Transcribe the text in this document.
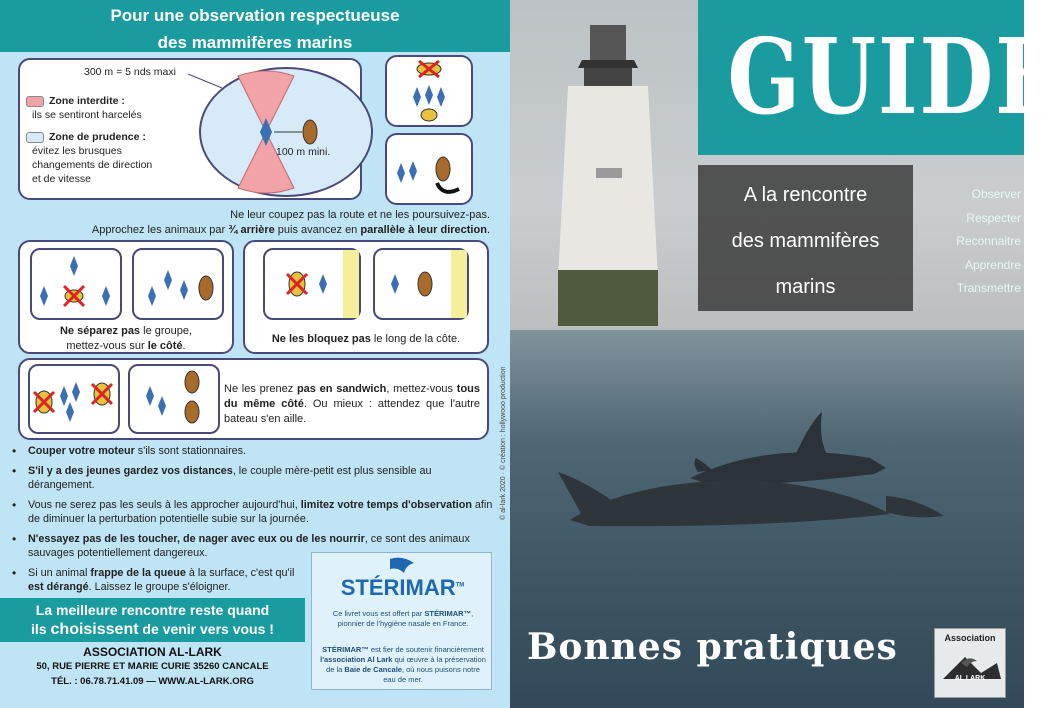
Pour une observation respectueuse
des mammifères marins
300 m = 5 nds maxi
Zone interdite :
ils se sentiront harcelés
Zone de prudence :
évitez les brusques
changements de direction
et de vitesse
100 m mini.
Ne leur coupez pas la route et ne les poursuivez-pas.
Approchez les animaux par ¾ arrière puis avancez en parallèle à leur direction.
Ne séparez pas le groupe,
mettez-vous sur le côté.
Ne les bloquez pas le long de la côte.
Ne les prenez pas en sandwich, mettez-vous tous du même côté. Ou mieux : attendez que l'autre bateau s'en aille.
• Couper votre moteur s'ils sont stationnaires.
• S'il y a des jeunes gardez vos distances, le couple mère-petit est plus sensible au dérangement.
• Vous ne serez pas les seuls à les approcher aujourd'hui, limitez votre temps d'observation afin de diminuer la perturbation potentielle subie sur la journée.
• N'essayez pas de les toucher, de nager avec eux ou de les nourrir, ce sont des animaux sauvages potentiellement dangereux.
• Si un animal frappe de la queue à la surface, c'est qu'il est dérangé. Laissez le groupe s'éloigner.
La meilleure rencontre reste quand
ils choisissent de venir vers vous !
ASSOCIATION AL-LARK
50, RUE PIERRE ET MARIE CURIE 35260 CANCALE
TÉL. : 06.78.71.41.09 — WWW.AL-LARK.ORG
STÉRIMAR™
Ce livret vous est offert par STÉRIMAR™, pionnier de l'hygiène nasale en France.
STÉRIMAR™ est fier de soutenir financièrement l'association Al Lark qui œuvre à la préservation de la Baie de Cancale, où nous puisons notre eau de mer.
© al-lark 2020 · © création : hollywooo production
GUIDE
A la rencontre
des mammifères
marins
Observer
Respecter
Reconnaitre
Apprendre
Transmettre
Bonnes pratiques	Association
AL LARK
